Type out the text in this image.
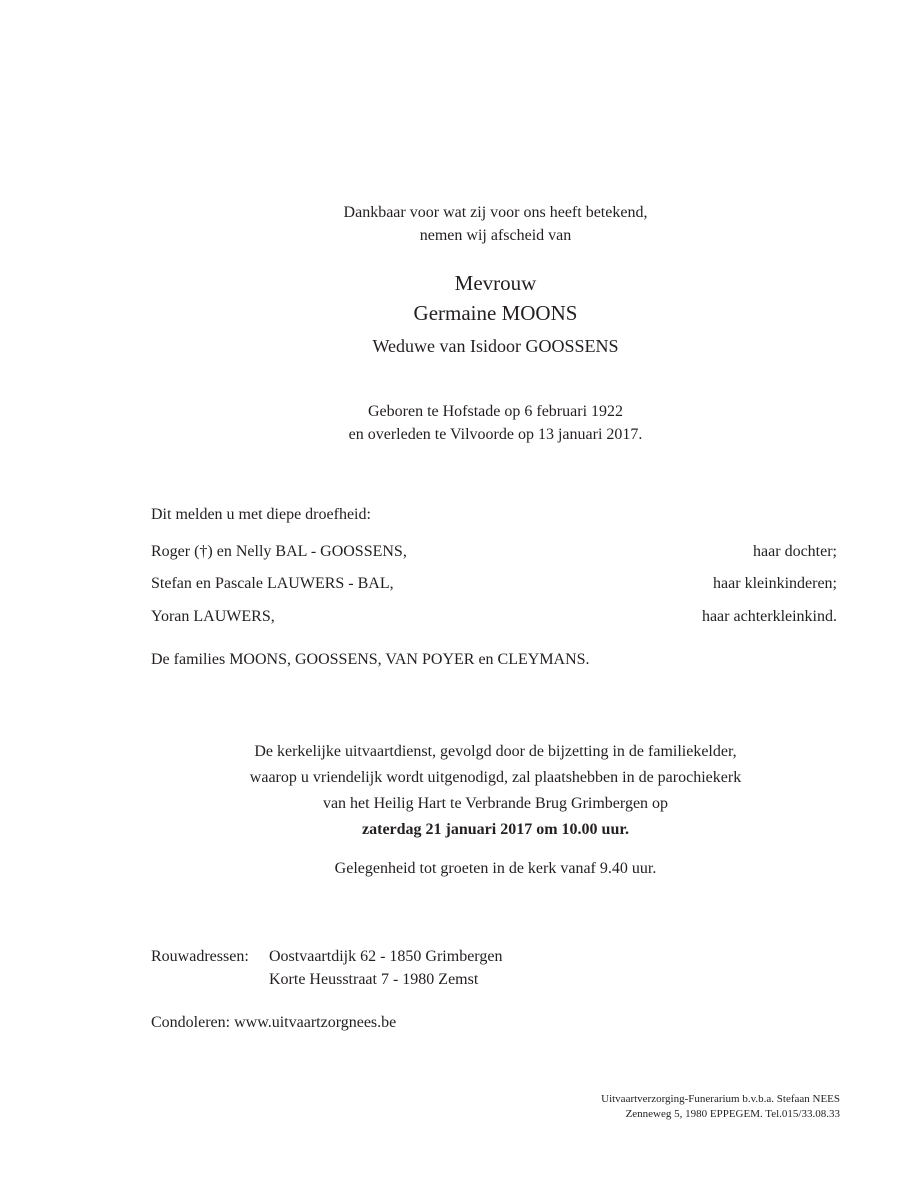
Dankbaar voor wat zij voor ons heeft betekend,
nemen wij afscheid van
Mevrouw
Germaine MOONS
Weduwe van Isidoor GOOSSENS
Geboren te Hofstade op 6 februari 1922
en overleden te Vilvoorde op 13 januari 2017.
Dit melden u met diepe droefheid:
Roger (†) en Nelly BAL - GOOSSENS,	haar dochter;
Stefan en Pascale LAUWERS - BAL,	haar kleinkinderen;
Yoran LAUWERS,	haar achterkleinkind.
De families MOONS, GOOSSENS, VAN POYER en CLEYMANS.
De kerkelijke uitvaartdienst, gevolgd door de bijzetting in de familiekelder,
waarop u vriendelijk wordt uitgenodigd, zal plaatshebben in de parochiekerk
van het Heilig Hart te Verbrande Brug Grimbergen op
zaterdag 21 januari 2017 om 10.00 uur.
Gelegenheid tot groeten in de kerk vanaf 9.40 uur.
Rouwadressen: Oostvaartdijk 62 - 1850 Grimbergen
Korte Heusstraat 7 - 1980 Zemst
Condoleren: www.uitvaartzorgnees.be
Uitvaartverzorging-Funerarium b.v.b.a. Stefaan NEES
Zenneweg 5, 1980 EPPEGEM. Tel.015/33.08.33
